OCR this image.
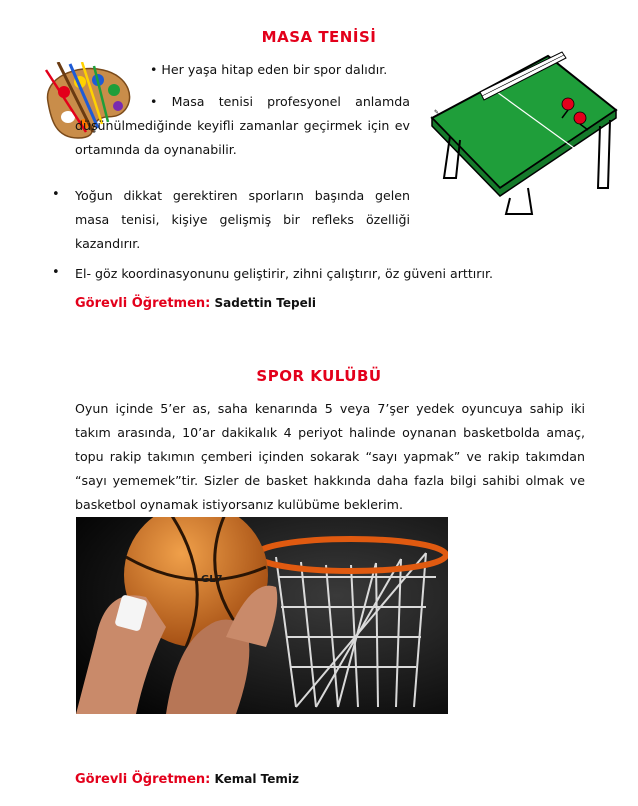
MASA TENİSİ

• Her yaşa hitap eden bir spor dalıdır.

• Masa tenisi profesyonel anlamda düşünülmediğinde keyifli zamanlar geçirmek için ev ortamında da oynanabilir.

✎
• Yoğun dikkat gerektiren sporların başında gelen masa tenisi, kişiye gelişmiş bir refleks özelliği kazandırır.

• El- göz koordinasyonunu geliştirir, zihni çalıştırır, öz güveni arttırır.

Görevli Öğretmen: Sadettin Tepeli
SPOR KULÜBÜ

Oyun içinde 5’er as, saha kenarında 5 veya 7’şer yedek oyuncuya sahip iki takım arasında, 10’ar dakikalık 4 periyot halinde oynanan basketbolda amaç, topu rakip takımın çemberi içinden sokarak “sayı yapmak” ve rakip takımdan “sayı yememek”tir. Sizler de basket hakkında daha fazla bilgi sahibi olmak ve basketbol oynamak istiyorsanız kulübüme beklerim.

GL7
Görevli Öğretmen: Kemal Temiz
